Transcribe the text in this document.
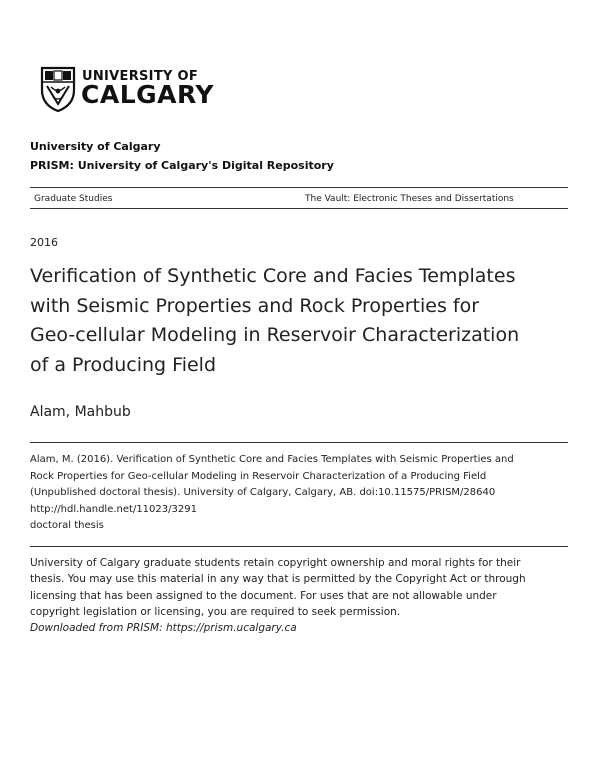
UNIVERSITY OF
CALGARY
University of Calgary
PRISM: University of Calgary's Digital Repository
Graduate Studies	The Vault: Electronic Theses and Dissertations
2016
Verification of Synthetic Core and Facies Templates
with Seismic Properties and Rock Properties for
Geo-cellular Modeling in Reservoir Characterization
of a Producing Field
Alam, Mahbub
Alam, M. (2016). Verification of Synthetic Core and Facies Templates with Seismic Properties and
Rock Properties for Geo-cellular Modeling in Reservoir Characterization of a Producing Field
(Unpublished doctoral thesis). University of Calgary, Calgary, AB. doi:10.11575/PRISM/28640
http://hdl.handle.net/11023/3291
doctoral thesis
University of Calgary graduate students retain copyright ownership and moral rights for their
thesis. You may use this material in any way that is permitted by the Copyright Act or through
licensing that has been assigned to the document. For uses that are not allowable under
copyright legislation or licensing, you are required to seek permission.
Downloaded from PRISM: https://prism.ucalgary.ca
